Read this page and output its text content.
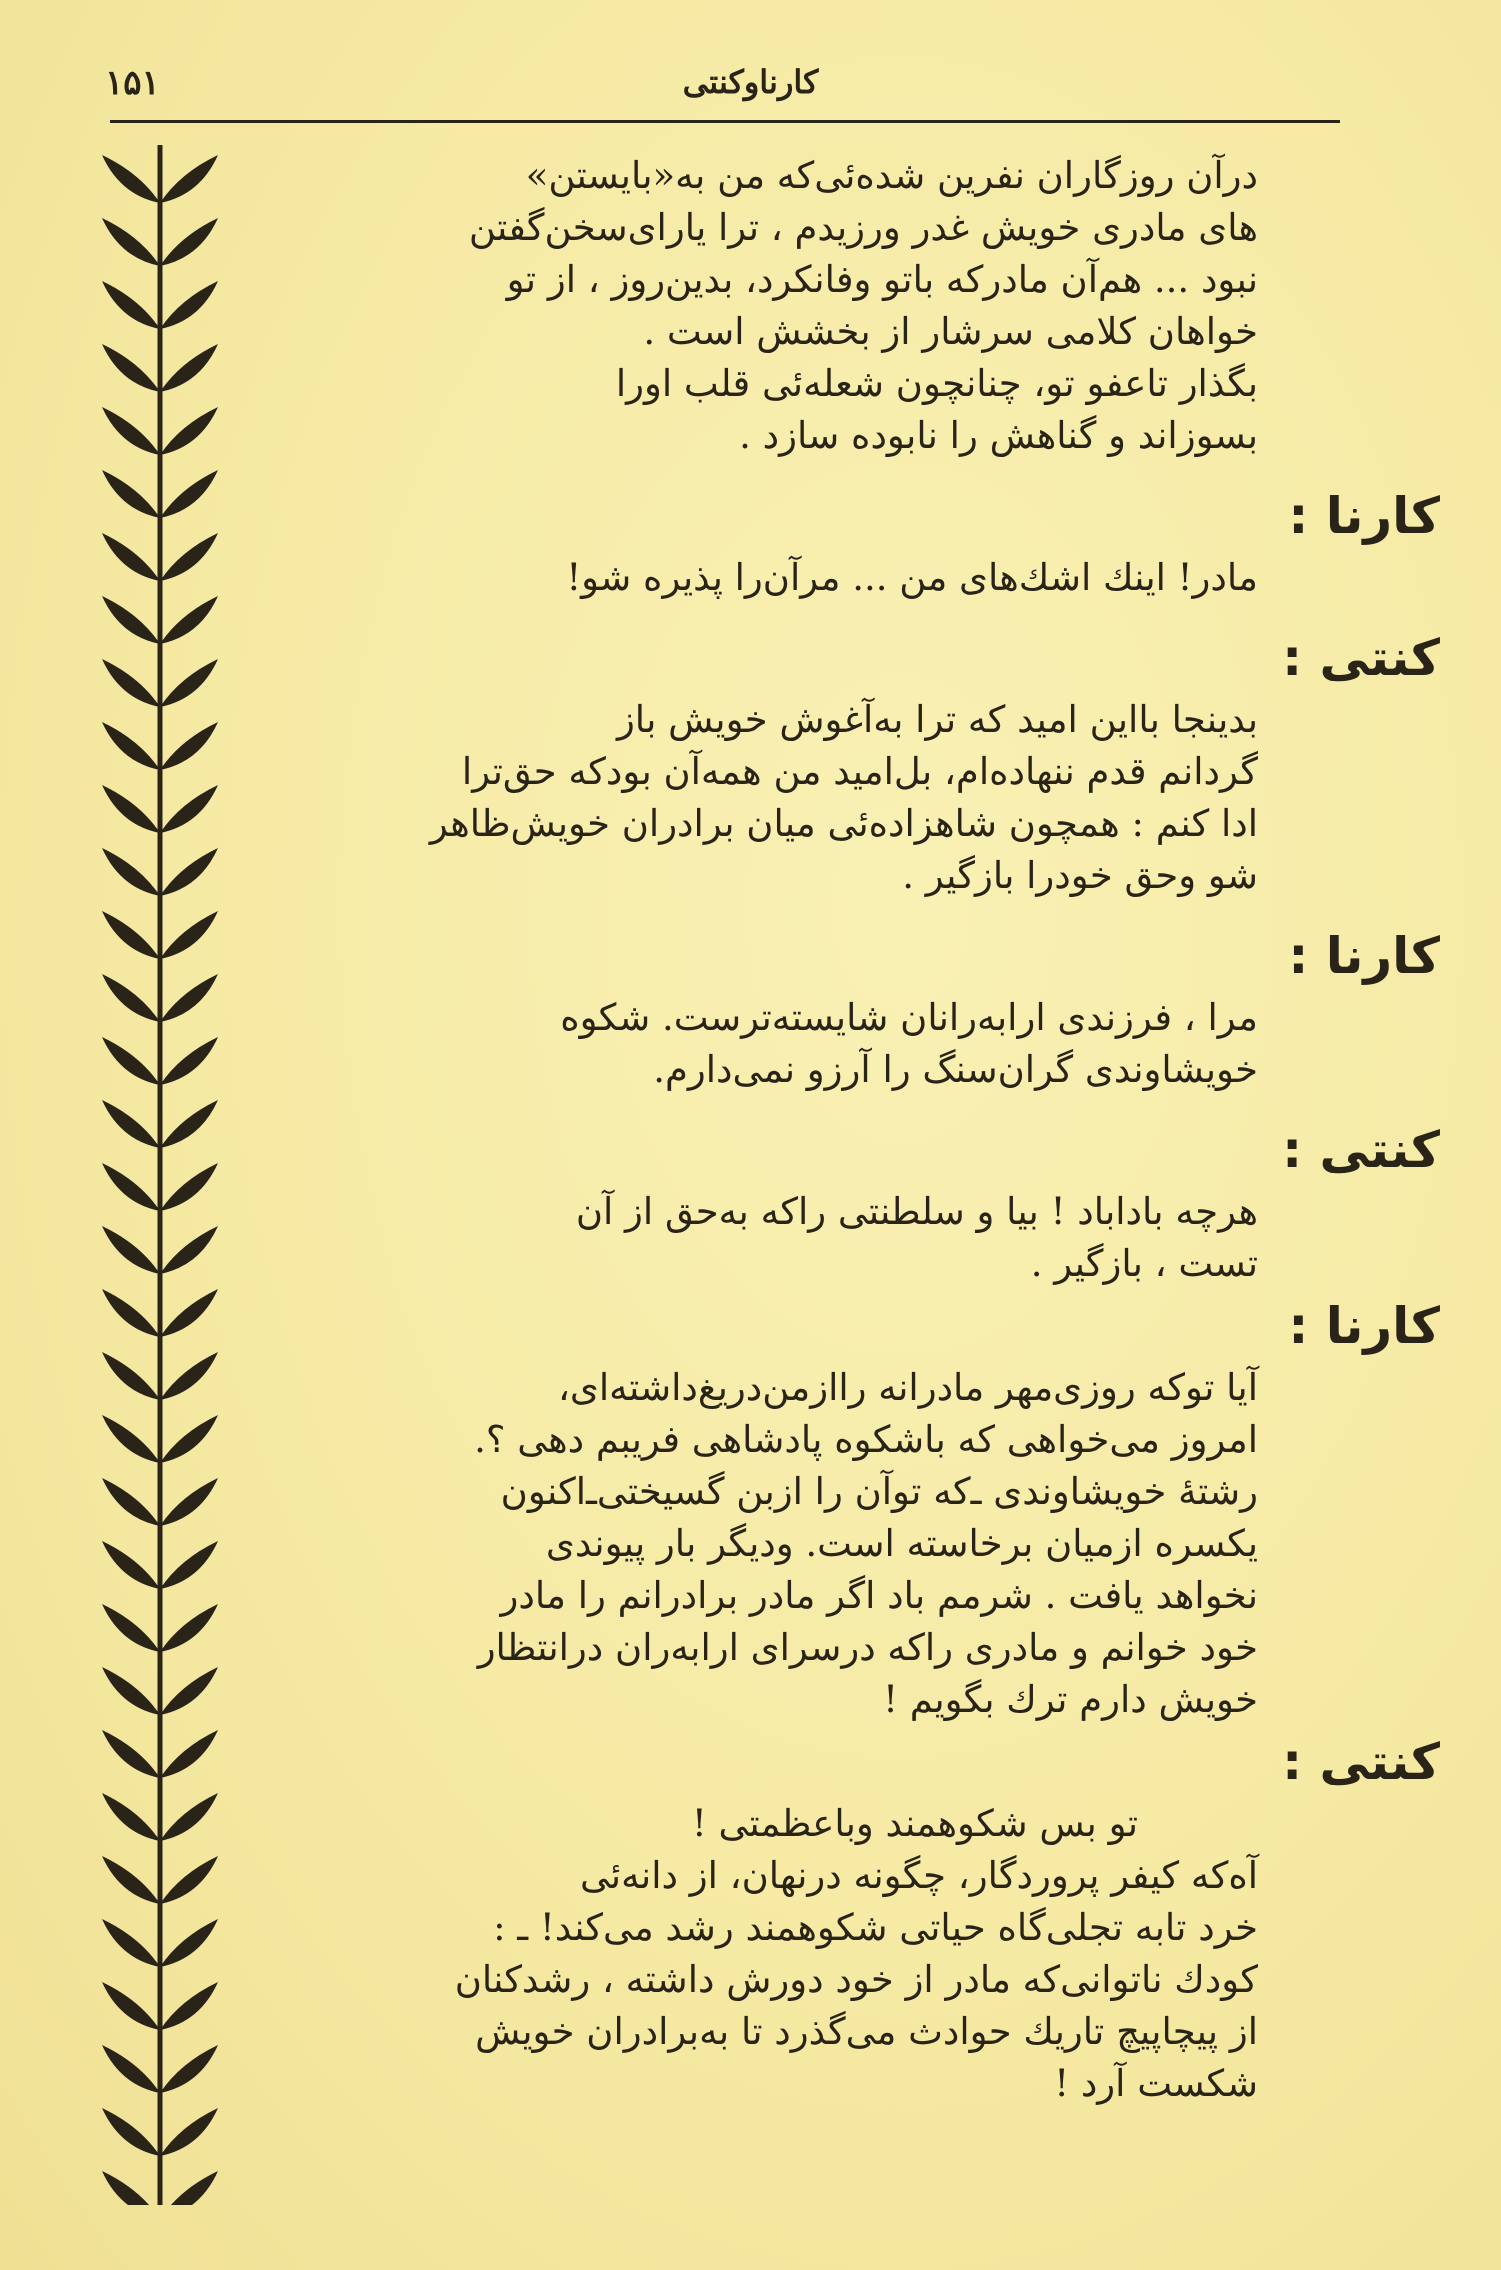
۱۵۱	کارناوکنتی
درآن روزگاران نفرین شده‌ئی‌که من به«بایستن»
های مادری خویش غدر ورزیدم ، ترا یارای‌سخن‌گفتن
نبود ... هم‌آن مادرکه باتو وفانکرد، بدین‌روز ، از تو
خواهان کلامی سرشار از بخشش است .
بگذار تاعفو تو، چنانچون شعله‌ئی قلب اورا
بسوزاند و گناهش را نابوده سازد .
کارنا :
مادر! اینك اشك‌های من ... مرآن‌را پذیره شو!
کنتی :
بدینجا بااین امید که ترا به‌آغوش خویش باز
گردانم قدم ننهاده‌ام، بل‌امید من همه‌آن بودکه حق‌ترا
ادا کنم : همچون شاهزاده‌ئی میان برادران خویش‌ظاهر
شو وحق خودرا بازگیر .
کارنا :
مرا ، فرزندی ارابه‌رانان شایسته‌ترست. شکوه
خویشاوندی گران‌سنگ را آرزو نمی‌دارم.
کنتی :
هرچه باداباد ! بیا و سلطنتی راکه به‌حق از آن
تست ، بازگیر .
کارنا :
آیا توکه روزی‌مهر مادرانه رااز‌من‌دریغ‌داشته‌ای،
امروز می‌خواهی که باشکوه پادشاهی فریبم دهی ؟.
رشتهٔ خویشاوندی ـ‌که توآن را ازبن گسیختی‌ـ‌اکنون
یکسره ازمیان برخاسته است. ودیگر بار پیوندی
نخواهد یافت . شرمم باد اگر مادر برادرانم را مادر
خود خوانم و مادری راکه درسرای ارابه‌ران درانتظار
خویش دارم ترك بگویم !
کنتی :
تو بس شکوهمند وباعظمتی !
آه‌که کیفر پروردگار، چگونه درنهان، از دانه‌ئی
خرد تابه تجلی‌گاه حیاتی شکوهمند رشد می‌کند! ـ :
کودك ناتوانی‌که مادر از خود دورش داشته ، رشدکنان
از پیچاپیچ تاریك حوادث می‌گذرد تا به‌برادران خویش
شکست آرد !
